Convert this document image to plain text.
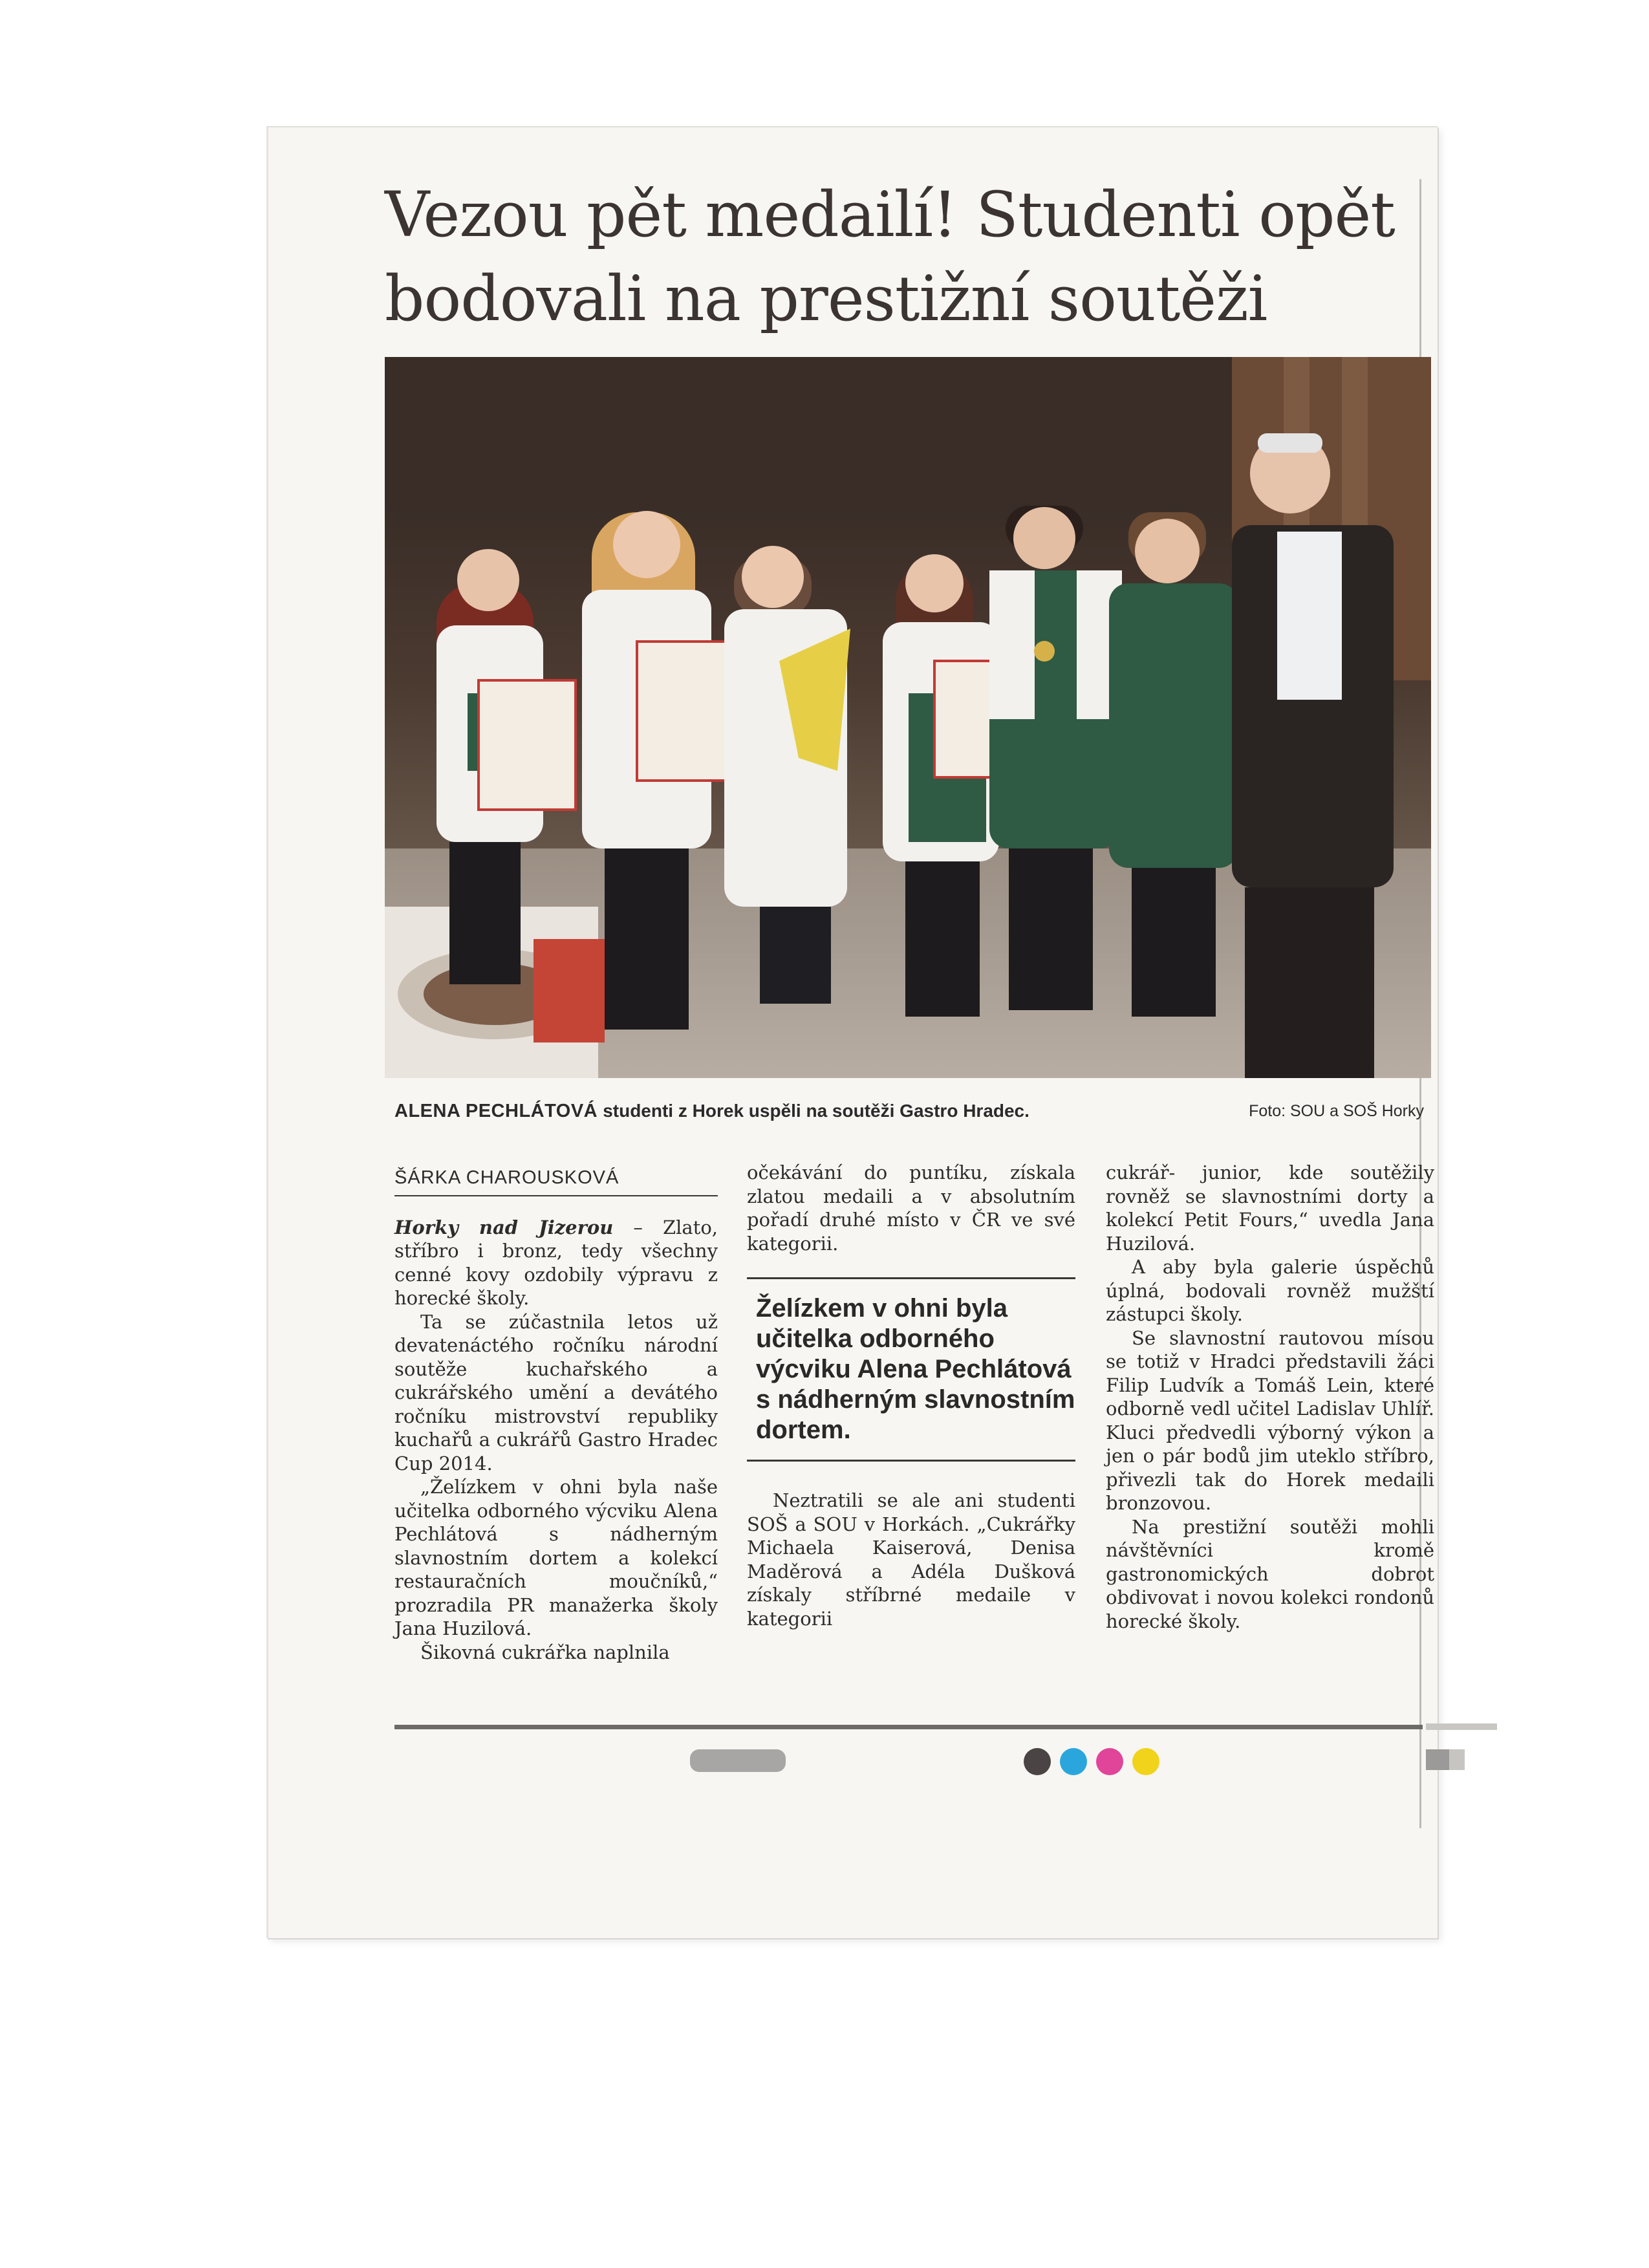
Vezou pět medailí! Studenti opět
bodovali na prestižní soutěži
ALENA PECHLÁTOVÁ studenti z Horek uspěli na soutěži Gastro Hradec.	Foto: SOU a SOŠ Horky
ŠÁRKA CHAROUSKOVÁ

Horky nad Jizerou – Zlato, stříbro i bronz, tedy všechny cenné kovy ozdobily výpravu z horecké školy.

Ta se zúčastnila letos už devatenáctého ročníku národní soutěže kuchařského a cukrářského umění a devátého ročníku mistrovství republiky kuchařů a cukrářů Gastro Hradec Cup 2014.

„Želízkem v ohni byla naše učitelka odborného výcviku Alena Pechlátová s nádherným slavnostním dortem a kolekcí restauračních moučníků,“ prozradila PR manažerka školy Jana Huzilová.

Šikovná cukrářka naplnila

očekávání do puntíku, získala zlatou medaili a v absolutním pořadí druhé místo v ČR ve své kategorii.
Želízkem v ohni byla učitelka odborného výcviku Alena Pechlátová s nádherným slavnostním dortem.

Neztratili se ale ani studenti SOŠ a SOU v Horkách. „Cukrářky Michaela Kaiserová, Denisa Maděrová a Adéla Dušková získaly stříbrné medaile v kategorii

cukrář- junior, kde soutěžily rovněž se slavnostními dorty a kolekcí Petit Fours,“ uvedla Jana Huzilová.

A aby byla galerie úspěchů úplná, bodovali rovněž mužští zástupci školy.

Se slavnostní rautovou mísou se totiž v Hradci představili žáci Filip Ludvík a Tomáš Lein, které odborně vedl učitel Ladislav Uhlíř. Kluci předvedli výborný výkon a jen o pár bodů jim uteklo stříbro, přivezli tak do Horek medaili bronzovou.

Na prestižní soutěži mohli návštěvníci kromě gastronomických dobrot obdivovat i novou kolekci rondonů horecké školy.
